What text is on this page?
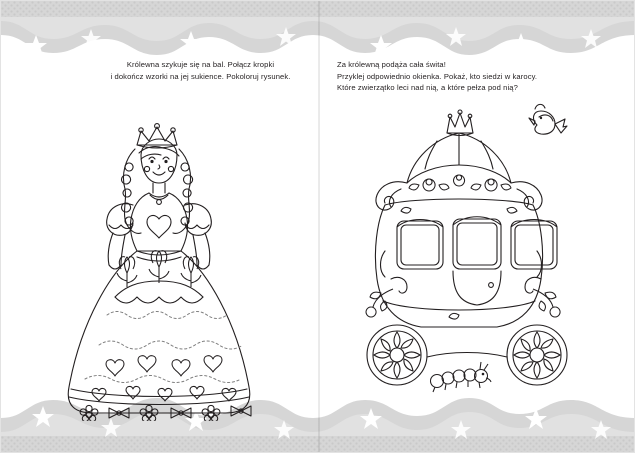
Królewna szykuje się na bal. Połącz kropki

i dokończ wzorki na jej sukience. Pokoloruj rysunek.

Za królewną podąża cała świta!

Przyklej odpowiednio okienka. Pokaż, kto siedzi w karocy.

Które zwierzątko leci nad nią, a które pełza pod nią?
